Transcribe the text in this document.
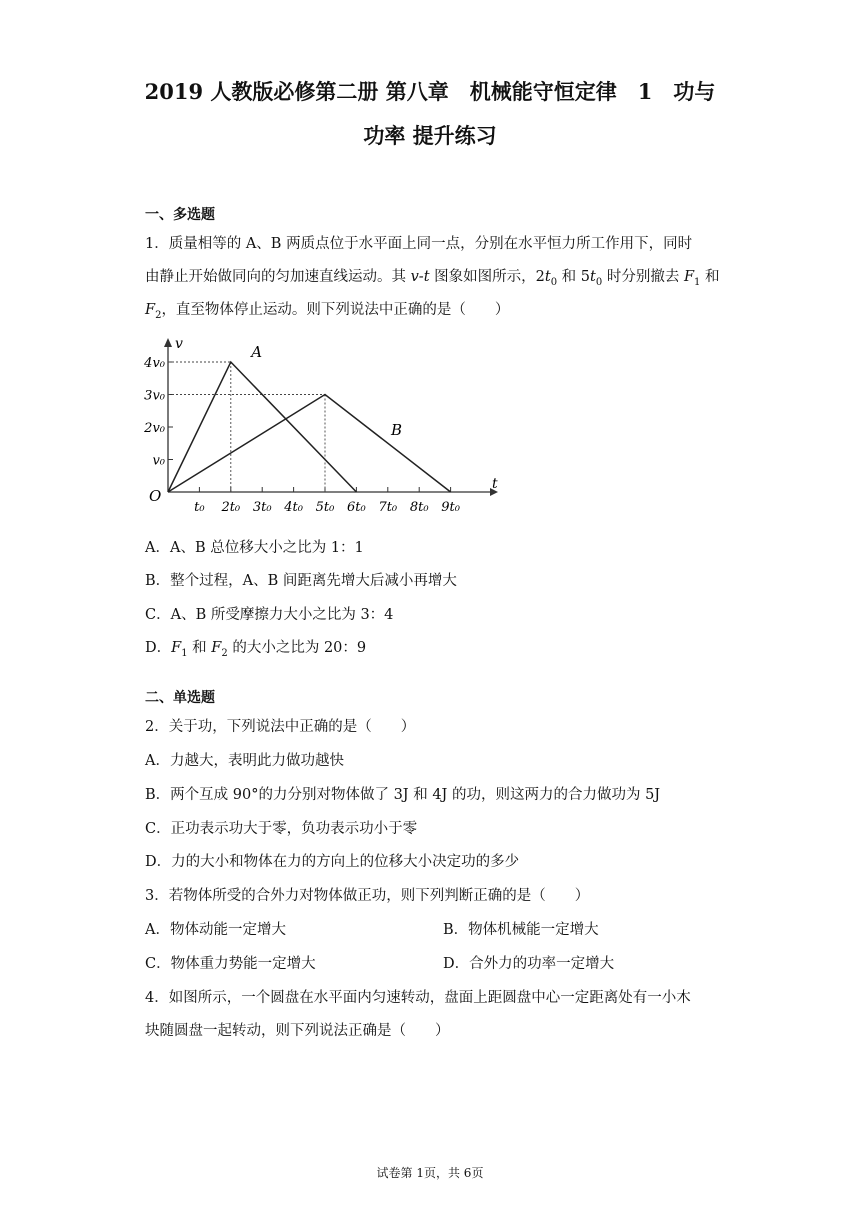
2019 人教版必修第二册 第八章　机械能守恒定律　1　功与
功率 提升练习
一、多选题
1．质量相等的 A、B 两质点位于水平面上同一点，分别在水平恒力所工作用下，同时
由静止开始做同向的匀加速直线运动。其 v-t 图象如图所示，$2t_0$ 和 $5t_0$ 时分别撤去 $F_1$ 和
$F_2$，直至物体停止运动。则下列说法中正确的是（　　）
v
t
O
t₀ 2t₀ 3t₀ 4t₀ 5t₀ 6t₀ 7t₀ 8t₀ 9t₀
v₀
2v₀
3v₀
4v₀
A
B
A．A、B 总位移大小之比为 1：1
B．整个过程，A、B 间距离先增大后减小再增大
C．A、B 所受摩擦力大小之比为 3：4
D．$F_1$ 和 $F_2$ 的大小之比为 20：9
二、单选题
2．关于功，下列说法中正确的是（　　）
A．力越大，表明此力做功越快
B．两个互成 90°的力分别对物体做了 3J 和 4J 的功，则这两力的合力做功为 5J
C．正功表示功大于零，负功表示功小于零
D．力的大小和物体在力的方向上的位移大小决定功的多少
3．若物体所受的合外力对物体做正功，则下列判断正确的是（　　）
A．物体动能一定增大	B．物体机械能一定增大
C．物体重力势能一定增大	D．合外力的功率一定增大
4．如图所示，一个圆盘在水平面内匀速转动，盘面上距圆盘中心一定距离处有一小木
块随圆盘一起转动，则下列说法正确是（　　）
试卷第 1页，共 6页
